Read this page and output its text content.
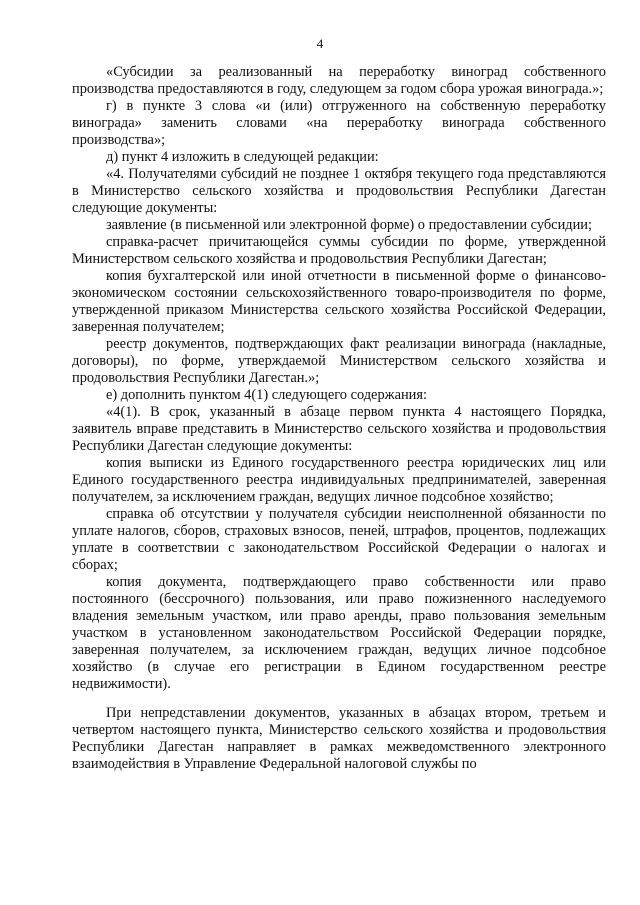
4

«Субсидии за реализованный на переработку виноград собственного производства предоставляются в году, следующем за годом сбора урожая винограда.»;

г) в пункте 3 слова «и (или) отгруженного на собственную переработку винограда» заменить словами «на переработку винограда собственного производства»;

д) пункт 4 изложить в следующей редакции:

«4. Получателями субсидий не позднее 1 октября текущего года представляются в Министерство сельского хозяйства и продовольствия Республики Дагестан следующие документы:

заявление (в письменной или электронной форме) о предоставлении субсидии;

справка-расчет причитающейся суммы субсидии по форме, утвержденной Министерством сельского хозяйства и продовольствия Республики Дагестан;

копия бухгалтерской или иной отчетности в письменной форме о финансово-экономическом состоянии сельскохозяйственного товаро-производителя по форме, утвержденной приказом Министерства сельского хозяйства Российской Федерации, заверенная получателем;

реестр документов, подтверждающих факт реализации винограда (накладные, договоры), по форме, утверждаемой Министерством сельского хозяйства и продовольствия Республики Дагестан.»;

е) дополнить пунктом 4(1) следующего содержания:

«4(1). В срок, указанный в абзаце первом пункта 4 настоящего Порядка, заявитель вправе представить в Министерство сельского хозяйства и продовольствия Республики Дагестан следующие документы:

копия выписки из Единого государственного реестра юридических лиц или Единого государственного реестра индивидуальных предпринимателей, заверенная получателем, за исключением граждан, ведущих личное подсобное хозяйство;

справка об отсутствии у получателя субсидии неисполненной обязанности по уплате налогов, сборов, страховых взносов, пеней, штрафов, процентов, подлежащих уплате в соответствии с законодательством Российской Федерации о налогах и сборах;

копия документа, подтверждающего право собственности или право постоянного (бессрочного) пользования, или право пожизненного наследуемого владения земельным участком, или право аренды, право пользования земельным участком в установленном законодательством Российской Федерации порядке, заверенная получателем, за исключением граждан, ведущих личное подсобное хозяйство (в случае его регистрации в Едином государственном реестре недвижимости).

При непредставлении документов, указанных в абзацах втором, третьем и четвертом настоящего пункта, Министерство сельского хозяйства и продовольствия Республики Дагестан направляет в рамках межведомственного электронного взаимодействия в Управление Федеральной налоговой службы по
